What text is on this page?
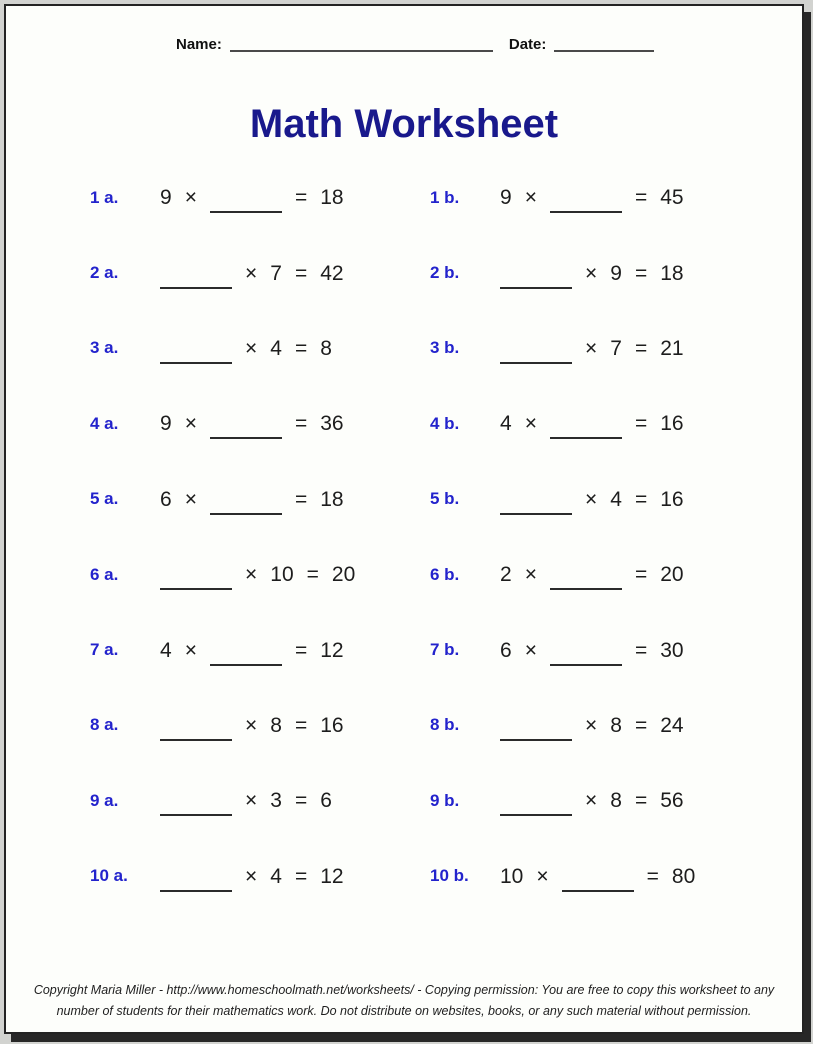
Name:	Date:
Math Worksheet
1 a.	9 ×	= 18	1 b.	9 ×	= 45
2 a.	× 7 = 42	2 b.	× 9 = 18
3 a.	× 4 = 8	3 b.	× 7 = 21
4 a.	9 ×	= 36	4 b.	4 ×	= 16
5 a.	6 ×	= 18	5 b.	× 4 = 16
6 a.	× 10 = 20	6 b.	2 ×	= 20
7 a.	4 ×	= 12	7 b.	6 ×	= 30
8 a.	× 8 = 16	8 b.	× 8 = 24
9 a.	× 3 = 6	9 b.	× 8 = 56
10 a.	× 4 = 12	10 b.	10 ×	= 80
Copyright Maria Miller - http://www.homeschoolmath.net/worksheets/ - Copying permission: You are free to copy this worksheet to any
number of students for their mathematics work. Do not distribute on websites, books, or any such material without permission.
